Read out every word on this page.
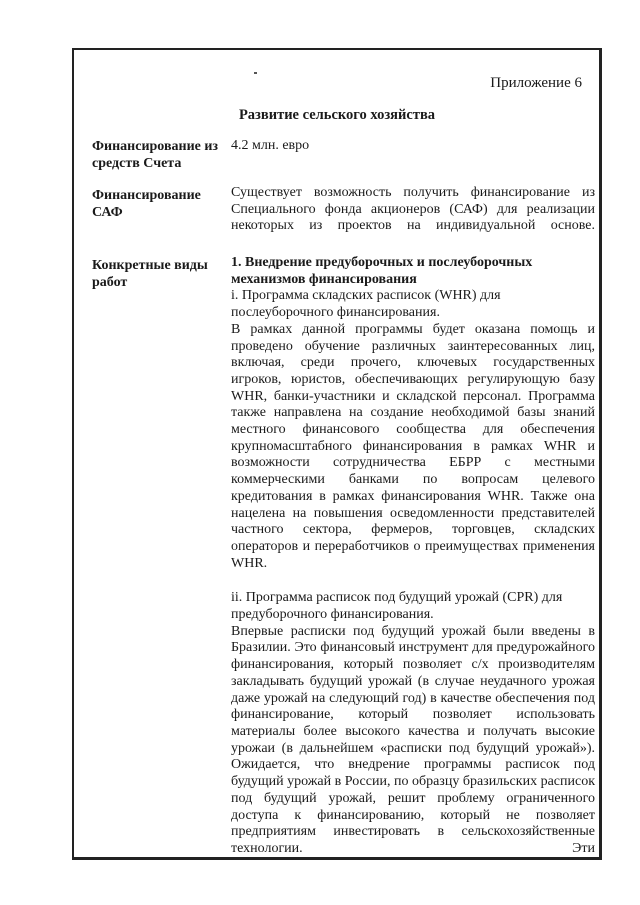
Приложение 6
Развитие сельского хозяйства
Финансирование из средств Счета
4.2 млн. евро
Финансирование САФ
Существует возможность получить финансирование из Специального фонда акционеров (САФ) для реализации некоторых из проектов на индивидуальной основе.
Конкретные виды работ

1. Внедрение предуборочных и послеуборочных механизмов финансирования

i. Программа складских расписок (WHR) для послеуборочного финансирования.

В рамках данной программы будет оказана помощь и проведено обучение различных заинтересованных лиц, включая, среди прочего, ключевых государственных игроков, юристов, обеспечивающих регулирующую базу WHR, банки-участники и складской персонал. Программа также направлена на создание необходимой базы знаний местного финансового сообщества для обеспечения крупномасштабного финансирования в рамках WHR и возможности сотрудничества ЕБРР с местными коммерческими банками по вопросам целевого кредитования в рамках финансирования WHR. Также она нацелена на повышения осведомленности представителей частного сектора, фермеров, торговцев, складских операторов и переработчиков о преимуществах применения WHR.

ii. Программа расписок под будущий урожай (CPR) для предуборочного финансирования.

Впервые расписки под будущий урожай были введены в Бразилии. Это финансовый инструмент для предурожайного финансирования, который позволяет с/х производителям закладывать будущий урожай (в случае неудачного урожая даже урожай на следующий год) в качестве обеспечения под финансирование, который позволяет использовать материалы более высокого качества и получать высокие урожаи (в дальнейшем «расписки под будущий урожай»). Ожидается, что внедрение программы расписок под будущий урожай в России, по образцу бразильских расписок под будущий урожай, решит проблему ограниченного доступа к финансированию, который не позволяет предприятиям инвестировать в сельскохозяйственные технологии. Эти
